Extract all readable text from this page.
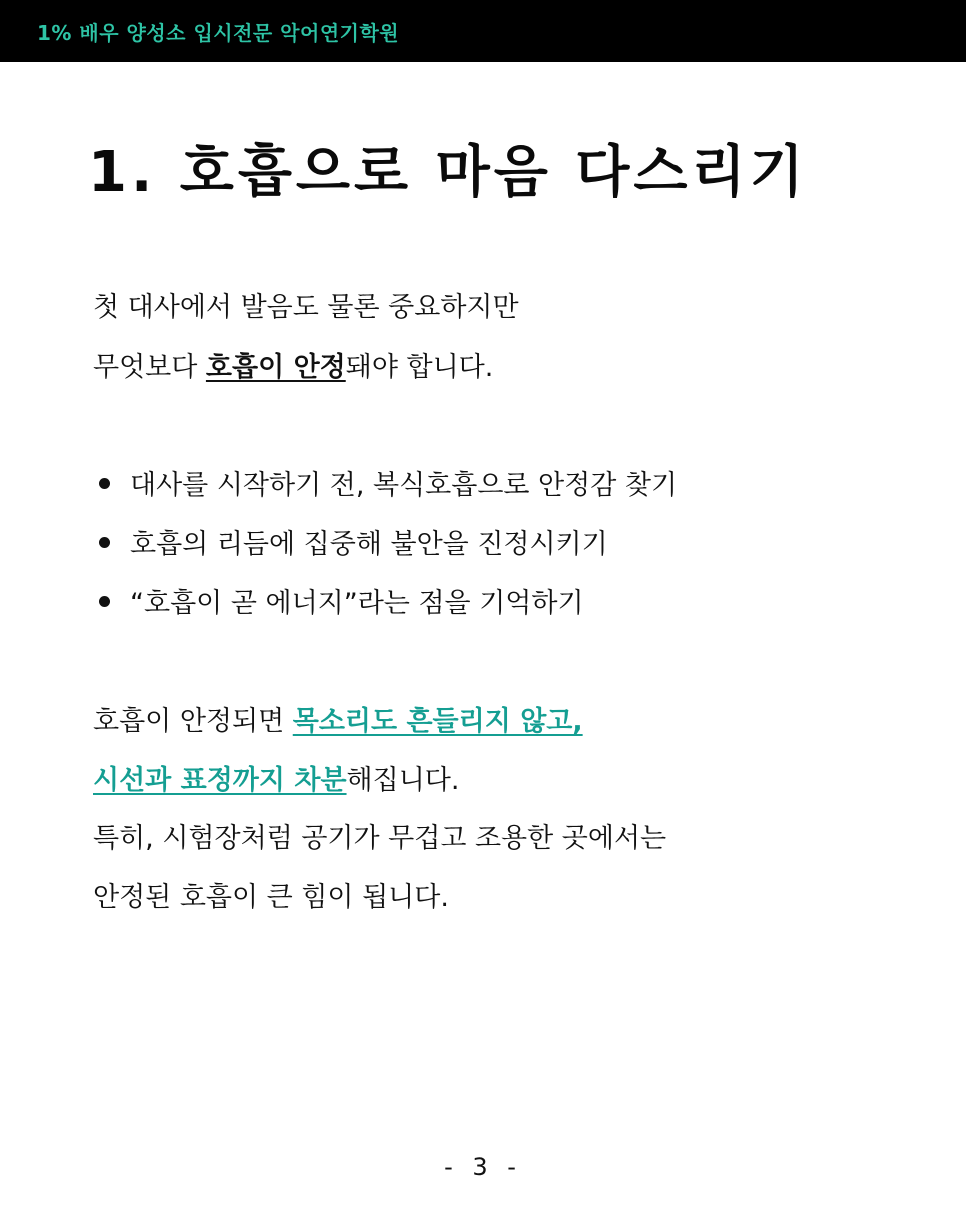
1% 배우 양성소 입시전문 악어연기학원
1. 호흡으로 마음 다스리기
첫 대사에서 발음도 물론 중요하지만
무엇보다 호흡이 안정돼야 합니다.
대사를 시작하기 전, 복식호흡으로 안정감 찾기
호흡의 리듬에 집중해 불안을 진정시키기
“호흡이 곧 에너지”라는 점을 기억하기
호흡이 안정되면 목소리도 흔들리지 않고,
시선과 표정까지 차분해집니다.
특히, 시험장처럼 공기가 무겁고 조용한 곳에서는
안정된 호흡이 큰 힘이 됩니다.
- 3 -
